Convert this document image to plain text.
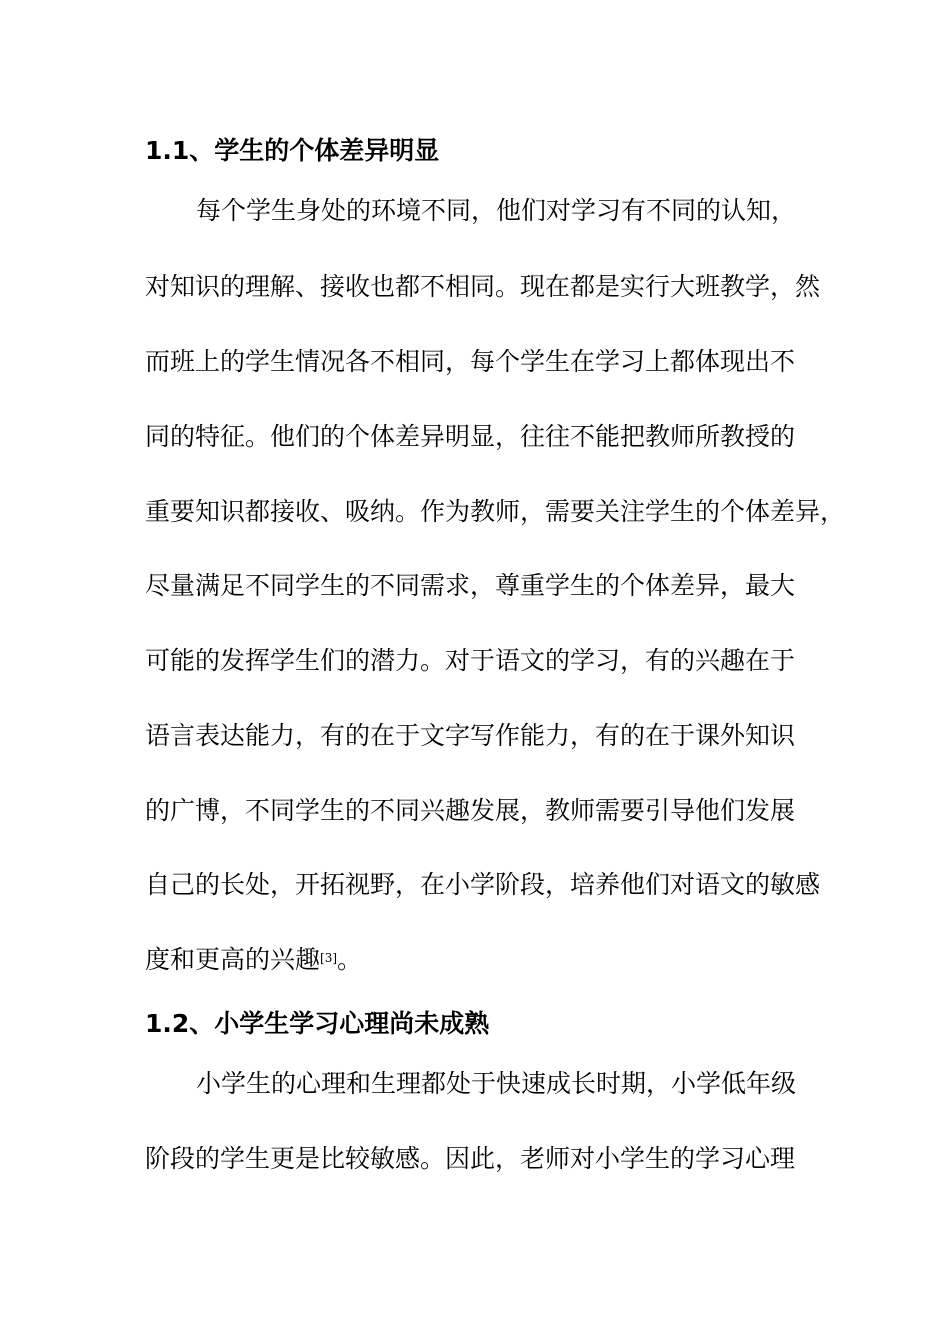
1.1、学生的个体差异明显
每个学生身处的环境不同，他们对学习有不同的认知，
对知识的理解、接收也都不相同。现在都是实行大班教学，然
而班上的学生情况各不相同，每个学生在学习上都体现出不
同的特征。他们的个体差异明显，往往不能把教师所教授的
重要知识都接收、吸纳。作为教师，需要关注学生的个体差异，
尽量满足不同学生的不同需求，尊重学生的个体差异，最大
可能的发挥学生们的潜力。对于语文的学习，有的兴趣在于
语言表达能力，有的在于文字写作能力，有的在于课外知识
的广博，不同学生的不同兴趣发展，教师需要引导他们发展
自己的长处，开拓视野，在小学阶段，培养他们对语文的敏感
度和更高的兴趣[3]。
1.2、小学生学习心理尚未成熟
小学生的心理和生理都处于快速成长时期，小学低年级
阶段的学生更是比较敏感。因此，老师对小学生的学习心理
